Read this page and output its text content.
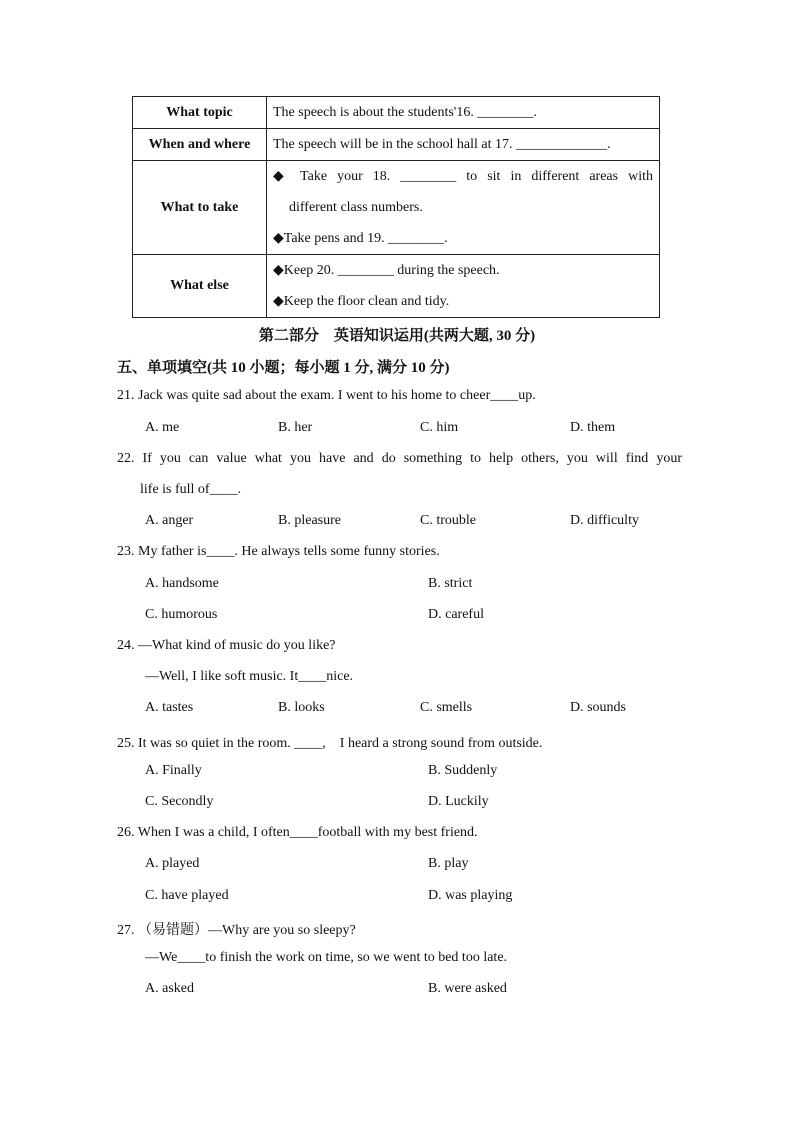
What topic	The speech is about the students'16. ________.

When and where	The speech will be in the school hall at 17. _____________.

What to take	◆ Take your 18. ________ to sit in different areas with
different class numbers.
◆Take pens and 19. ________.

What else	◆Keep 20. ________ during the speech.
◆Keep the floor clean and tidy.
第二部分　英语知识运用(共两大题, 30 分)
五、单项填空(共 10 小题；每小题 1 分, 满分 10 分)
21. Jack was quite sad about the exam. I went to his home to cheer____up.
A. me	B. her	C. him	D. them
22. If you can value what you have and do something to help others, you will find your
life is full of____.
A. anger	B. pleasure	C. trouble	D. difficulty
23. My father is____. He always tells some funny stories.
A. handsome	B. strict
C. humorous	D. careful
24. —What kind of music do you like?
—Well, I like soft music. It____nice.
A. tastes	B. looks	C. smells	D. sounds
25. It was so quiet in the room. ____,　I heard a strong sound from outside.
A. Finally	B. Suddenly
C. Secondly	D. Luckily
26. When I was a child, I often____football with my best friend.
A. played	B. play
C. have played	D. was playing
27. （易错题）—Why are you so sleepy?
—We____to finish the work on time, so we went to bed too late.
A. asked	B. were asked
